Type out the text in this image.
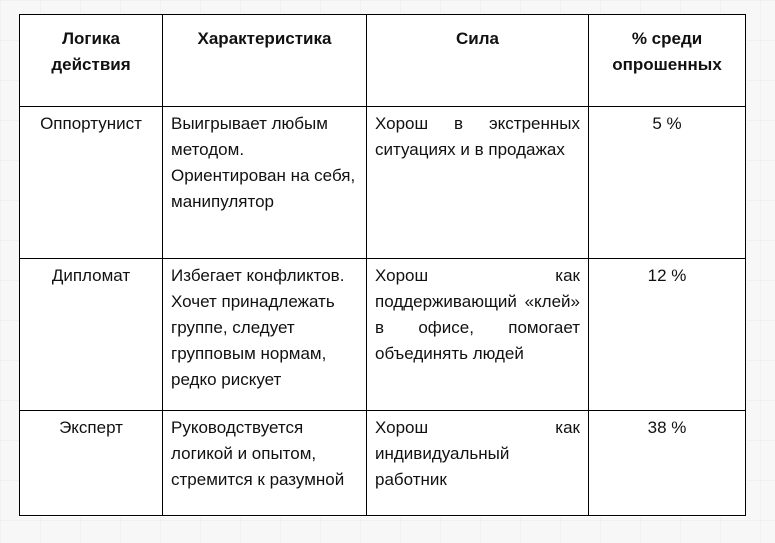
Логика действия	Характеристика	Сила	% среди опрошенных
Оппортунист	Выигрывает любым методом. Ориентирован на себя, манипулятор	Хорош в экстренных ситуациях и в продажах	5 %
Дипломат	Избегает конфликтов. Хочет принадлежать группе, следует групповым нормам, редко рискует	Хорош как поддерживающий «клей» в офисе, помогает объединять людей	12 %
Эксперт	Руководствуется логикой и опытом, стремится к разумной	Хорош как индивидуальный работник	38 %
